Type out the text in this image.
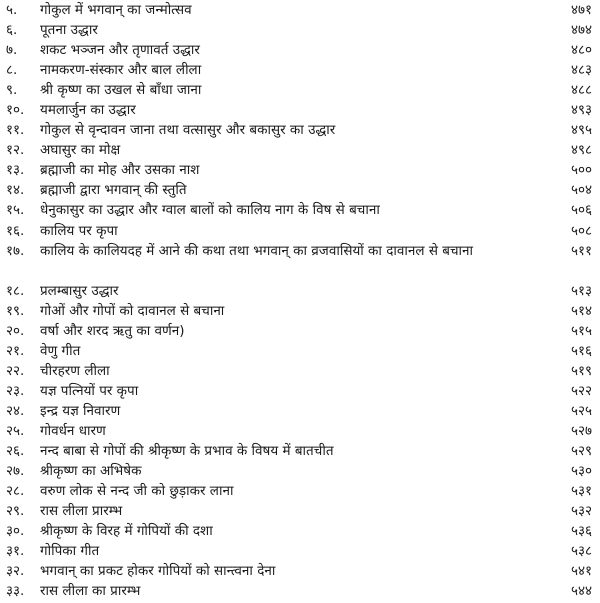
५.	गोकुल में भगवान् का जन्मोत्सव	४७१
६.	पूतना उद्धार	४७४
७.	शकट भञ्जन और तृणावर्त उद्धार	४८०
८.	नामकरण-संस्कार और बाल लीला	४८३
९.	श्री कृष्ण का उखल से बाँधा जाना	४८८
१०.	यमलार्जुन का उद्धार	४९३
११.	गोकुल से वृन्दावन जाना तथा वत्सासुर और बकासुर का उद्धार	४९५
१२.	अघासुर का मोक्ष	४९८
१३.	ब्रह्माजी का मोह और उसका नाश	५००
१४.	ब्रह्माजी द्वारा भगवान् की स्तुति	५०४
१५.	धेनुकासुर का उद्धार और ग्वाल बालों को कालिय नाग के विष से बचाना	५०६
१६.	कालिय पर कृपा	५०८
१७.	कालिय के कालियदह में आने की कथा तथा भगवान् का व्रजवासियों का दावानल से बचाना	५११
१८.	प्रलम्बासुर उद्धार	५१३
१९.	गोओं और गोपों को दावानल से बचाना	५१४
२०.	वर्षा और शरद ऋतु का वर्णन)	५१५
२१.	वेणु गीत	५१६
२२.	चीरहरण लीला	५१९
२३.	यज्ञ पत्नियों पर कृपा	५२२
२४.	इन्द्र यज्ञ निवारण	५२५
२५.	गोवर्धन धारण	५२७
२६.	नन्द बाबा से गोपों की श्रीकृष्ण के प्रभाव के विषय में बातचीत	५२९
२७.	श्रीकृष्ण का अभिषेक	५३०
२८.	वरुण लोक से नन्द जी को छुड़ाकर लाना	५३१
२९.	रास लीला प्रारम्भ	५३२
३०.	श्रीकृष्ण के विरह में गोपियों की दशा	५३६
३१.	गोपिका गीत	५३८
३२.	भगवान् का प्रकट होकर गोपियों को सान्त्वना देना	५४१
३३.	रास लीला का प्रारम्भ	५४४
